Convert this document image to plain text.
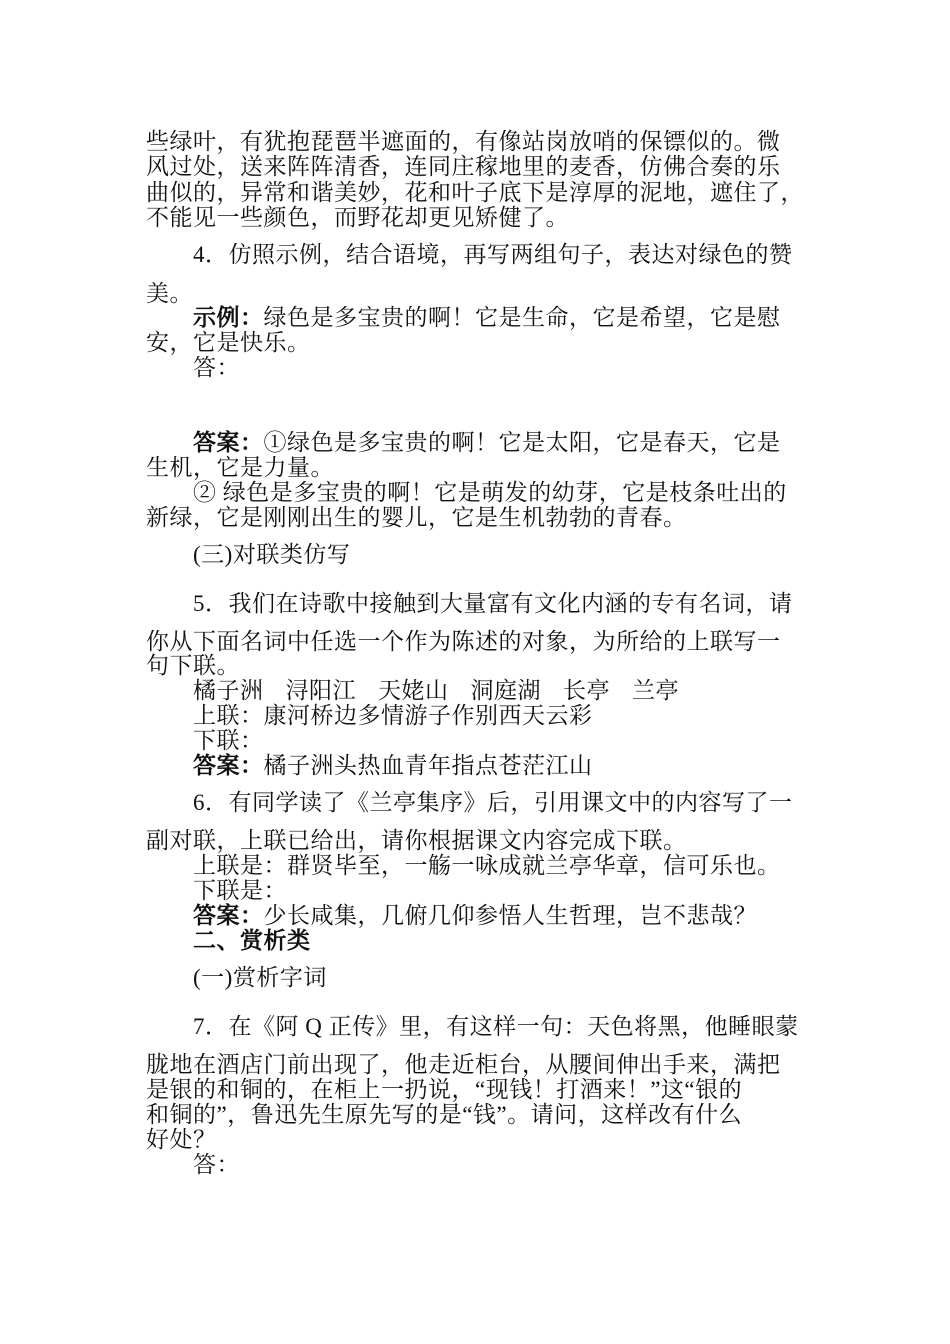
些绿叶，有犹抱琵琶半遮面的，有像站岗放哨的保镖似的。微
风过处，送来阵阵清香，连同庄稼地里的麦香，仿佛合奏的乐
曲似的，异常和谐美妙，花和叶子底下是淳厚的泥地，遮住了，
不能见一些颜色，而野花却更见矫健了。
4．仿照示例，结合语境，再写两组句子，表达对绿色的赞
美。
示例：绿色是多宝贵的啊！它是生命，它是希望，它是慰
安，它是快乐。
答：
答案：①绿色是多宝贵的啊！它是太阳，它是春天，它是
生机，它是力量。
② 绿色是多宝贵的啊！它是萌发的幼芽，它是枝条吐出的
新绿，它是刚刚出生的婴儿，它是生机勃勃的青春。
(三)对联类仿写
5．我们在诗歌中接触到大量富有文化内涵的专有名词，请
你从下面名词中任选一个作为陈述的对象，为所给的上联写一
句下联。
橘子洲 浔阳江 天姥山 洞庭湖 长亭 兰亭
上联：康河桥边多情游子作别西天云彩
下联：
答案：橘子洲头热血青年指点苍茫江山
6．有同学读了《兰亭集序》后，引用课文中的内容写了一
副对联，上联已给出，请你根据课文内容完成下联。
上联是：群贤毕至，一觞一咏成就兰亭华章，信可乐也。
下联是：
答案：少长咸集，几俯几仰参悟人生哲理，岂不悲哉？
二、赏析类
(一)赏析字词
7．在《阿 Q 正传》里，有这样一句：天色将黑，他睡眼蒙
胧地在酒店门前出现了，他走近柜台，从腰间伸出手来，满把
是银的和铜的，在柜上一扔说，“现钱！打酒来！”这“银的
和铜的”，鲁迅先生原先写的是“钱”。请问，这样改有什么
好处？
答：
